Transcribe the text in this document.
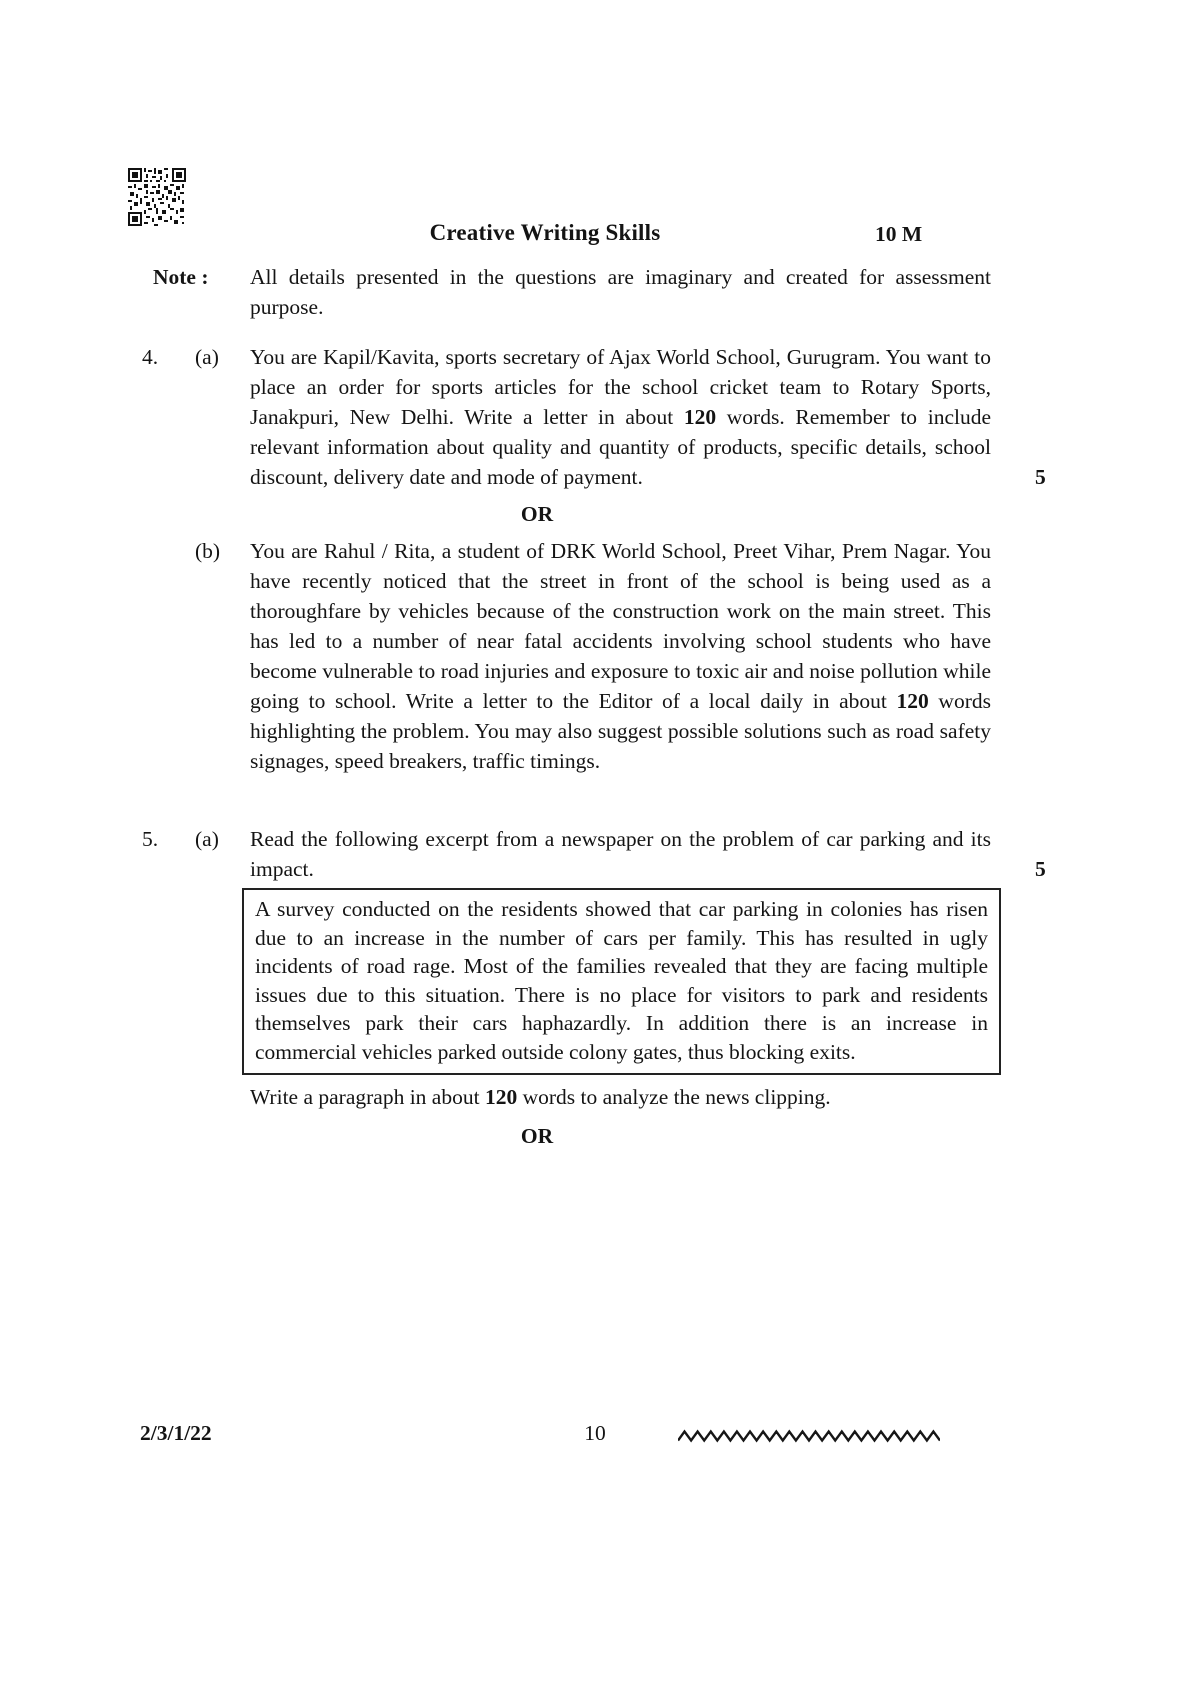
Creative Writing Skills	10 M
Note :	All details presented in the questions are imaginary and created for assessment purpose.
4.	(a)	You are Kapil/Kavita, sports secretary of Ajax World School, Gurugram. You want to place an order for sports articles for the school cricket team to Rotary Sports, Janakpuri, New Delhi. Write a letter in about 120 words. Remember to include relevant information about quality and quantity of products, specific details, school discount, delivery date and mode of payment.	5

OR
(b)	You are Rahul / Rita, a student of DRK World School, Preet Vihar, Prem Nagar. You have recently noticed that the street in front of the school is being used as a thoroughfare by vehicles because of the construction work on the main street. This has led to a number of near fatal accidents involving school students who have become vulnerable to road injuries and exposure to toxic air and noise pollution while going to school. Write a letter to the Editor of a local daily in about 120 words highlighting the problem. You may also suggest possible solutions such as road safety signages, speed breakers, traffic timings.

5.	(a)	Read the following excerpt from a newspaper on the problem of car parking and its impact.	5

A survey conducted on the residents showed that car parking in colonies has risen due to an increase in the number of cars per family. This has resulted in ugly incidents of road rage. Most of the families revealed that they are facing multiple issues due to this situation. There is no place for visitors to park and residents themselves park their cars haphazardly. In addition there is an increase in commercial vehicles parked outside colony gates, thus blocking exits.

Write a paragraph in about 120 words to analyze the news clipping.

OR
2/3/1/22	10
